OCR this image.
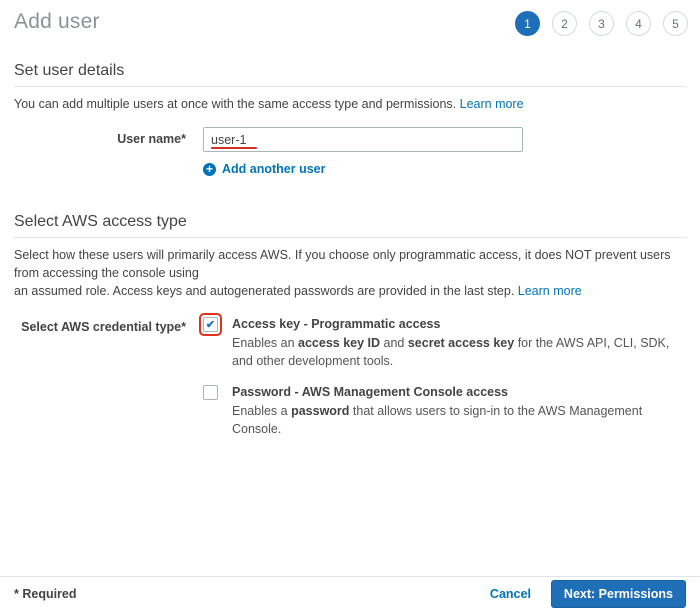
Add user	1	2	3	4	5
Set user details
You can add multiple users at once with the same access type and permissions. Learn more
User name*
user-1
+ Add another user
Select AWS access type
Select how these users will primarily access AWS. If you choose only programmatic access, it does NOT prevent users from accessing the console using
an assumed role. Access keys and autogenerated passwords are provided in the last step. Learn more
Select AWS credential type* ✔ Access key - Programmatic access
Enables an access key ID and secret access key for the AWS API, CLI, SDK, and other development tools.
Password - AWS Management Console access
Enables a password that allows users to sign-in to the AWS Management Console.
* Required	Cancel	Next: Permissions
